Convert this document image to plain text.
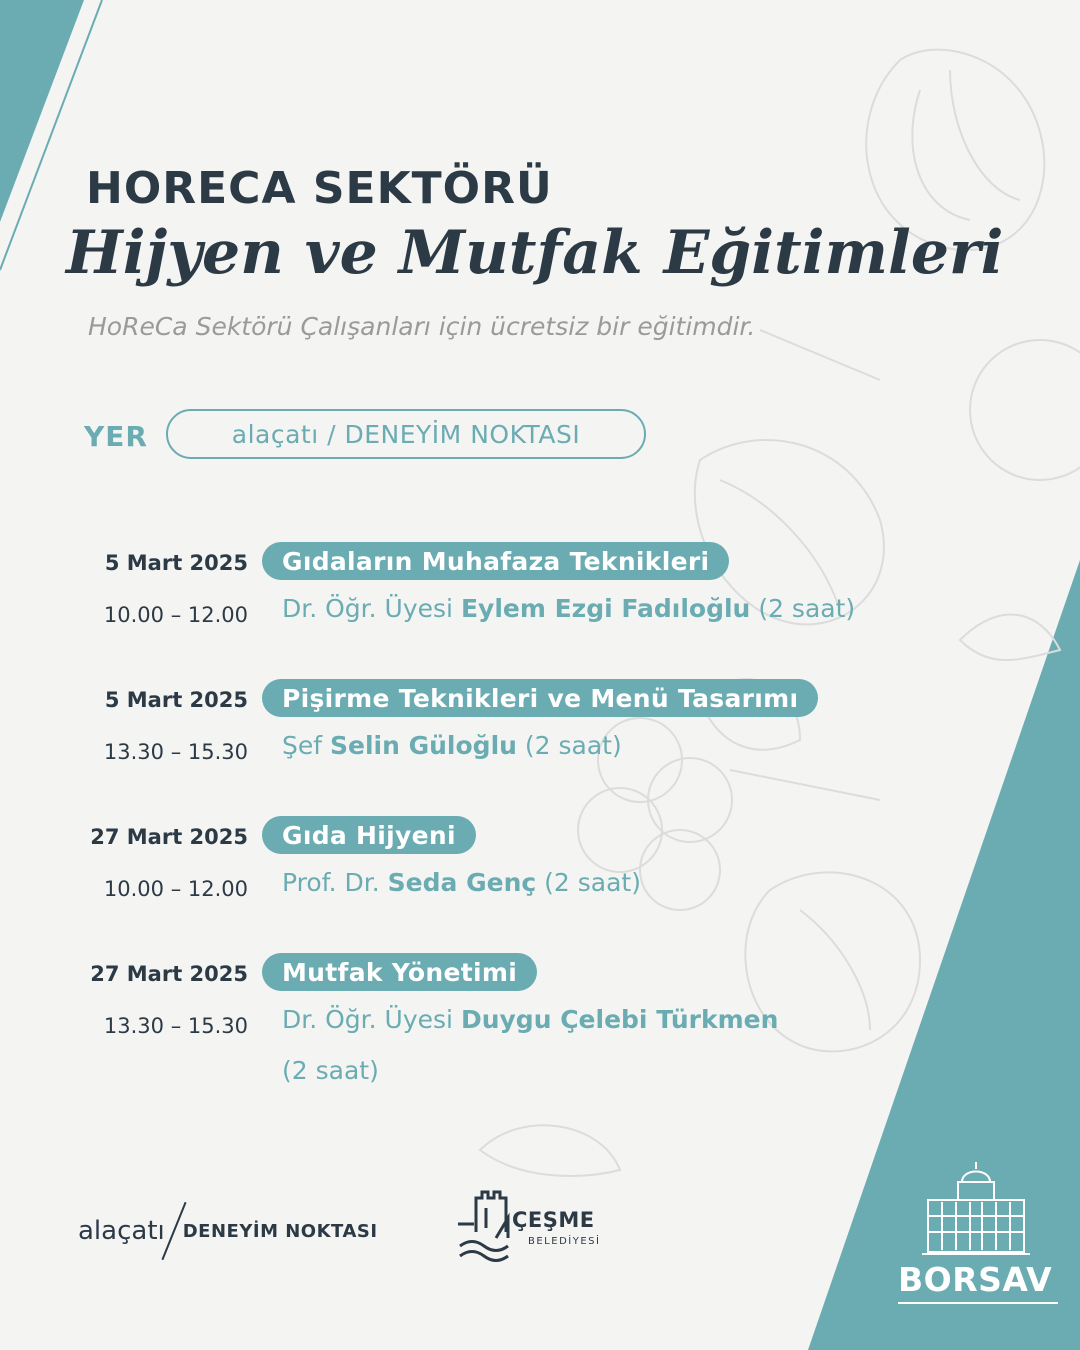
HORECA SEKTÖRÜ
Hijyen ve Mutfak Eğitimleri
HoReCa Sektörü Çalışanları için ücretsiz bir eğitimdir.
YER	alaçatı / DENEYİM NOKTASI
5 Mart 2025
10.00 – 12.00
Gıdaların Muhafaza Teknikleri
Dr. Öğr. Üyesi Eylem Ezgi Fadıloğlu (2 saat)
5 Mart 2025
13.30 – 15.30
Pişirme Teknikleri ve Menü Tasarımı
Şef Selin Güloğlu (2 saat)
27 Mart 2025
10.00 – 12.00
Gıda Hijyeni
Prof. Dr. Seda Genç (2 saat)
27 Mart 2025
13.30 – 15.30
Mutfak Yönetimi
Dr. Öğr. Üyesi Duygu Çelebi Türkmen
(2 saat)
alaçatı DENEYİM NOKTASI	ÇEŞME
BELEDİYESİ
BORSAV
